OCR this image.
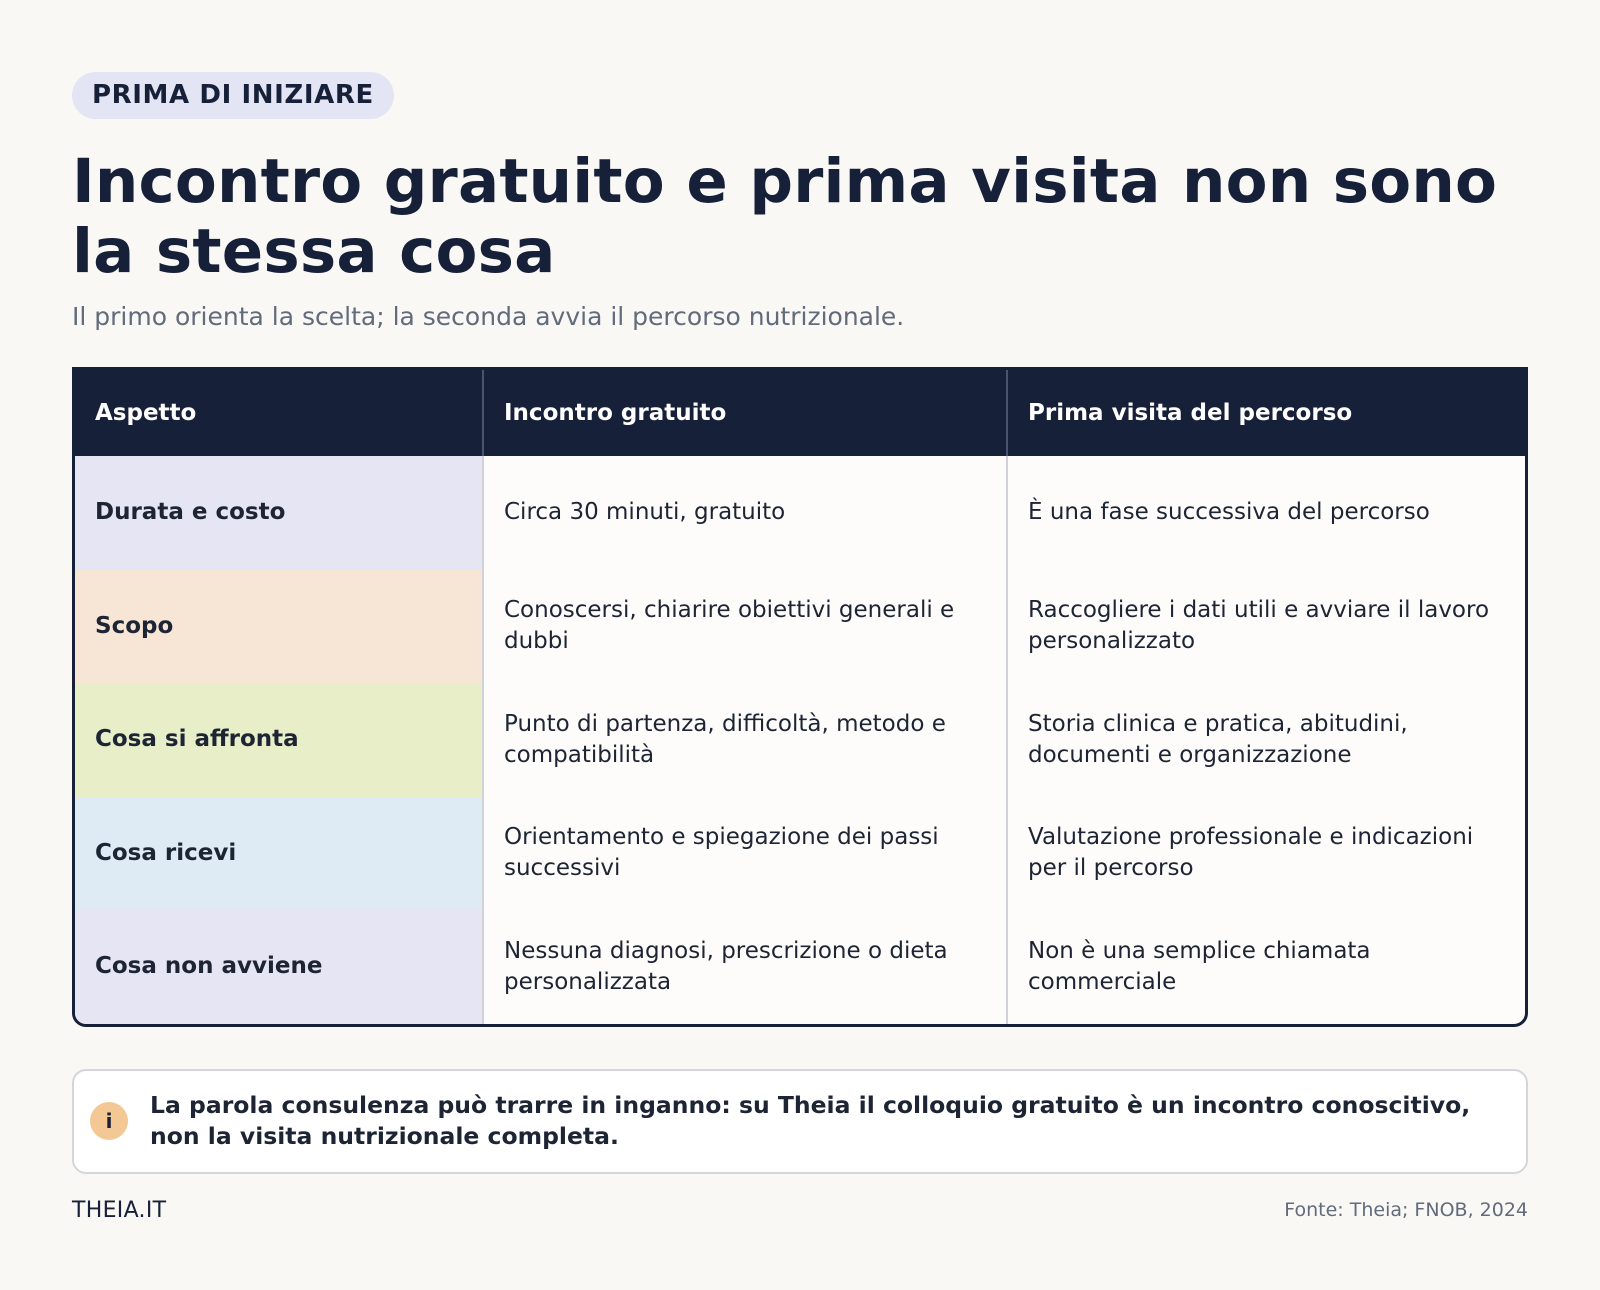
PRIMA DI INIZIARE
Incontro gratuito e prima visita non sono la stessa cosa

Il primo orienta la scelta; la seconda avvia il percorso nutrizionale.

Aspetto	Incontro gratuito	Prima visita del percorso
Durata e costo	Circa 30 minuti, gratuito	È una fase successiva del percorso
Scopo	Conoscersi, chiarire obiettivi generali e dubbi	Raccogliere i dati utili e avviare il lavoro personalizzato
Cosa si affronta	Punto di partenza, difficoltà, metodo e compatibilità	Storia clinica e pratica, abitudini, documenti e organizzazione
Cosa ricevi	Orientamento e spiegazione dei passi successivi	Valutazione professionale e indicazioni per il percorso
Cosa non avviene	Nessuna diagnosi, prescrizione o dieta personalizzata	Non è una semplice chiamata commerciale
i

La parola consulenza può trarre in inganno: su Theia il colloquio gratuito è un incontro conoscitivo, non la visita nutrizionale completa.

THEIA.IT	Fonte: Theia; FNOB, 2024
